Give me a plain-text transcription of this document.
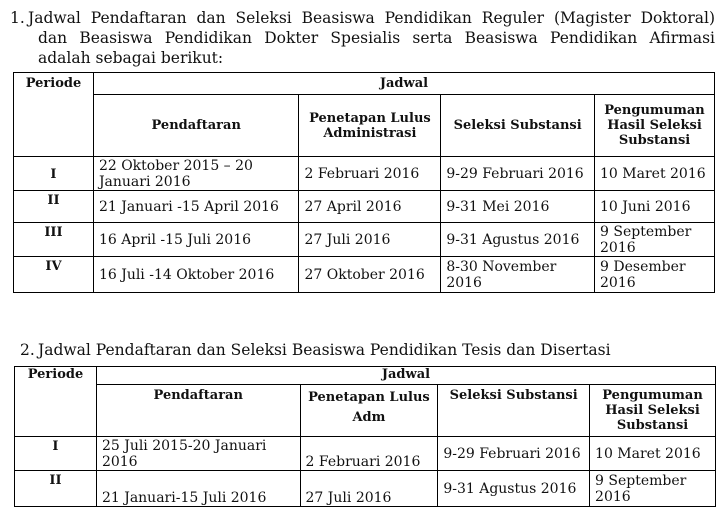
1. Jadwal Pendaftaran dan Seleksi Beasiswa Pendidikan Reguler (Magister Doktoral)
dan Beasiswa Pendidikan Dokter Spesialis serta Beasiswa Pendidikan Afirmasi
adalah sebagai berikut:
Periode	Jadwal			
	Pendaftaran	Penetapan Lulus Administrasi	Seleksi Substansi	Pengumuman Hasil Seleksi Substansi
I	22 Oktober 2015 – 20 Januari 2016	2 Februari 2016	9-29 Februari 2016	10 Maret 2016
II	21 Januari -15 April 2016	27 April 2016	9-31 Mei 2016	10 Juni 2016
III	16 April -15 Juli 2016	27 Juli 2016	9-31 Agustus 2016	9 September 2016
IV	16 Juli -14 Oktober 2016	27 Oktober 2016	8-30 November 2016	9 Desember 2016
2. Jadwal Pendaftaran dan Seleksi Beasiswa Pendidikan Tesis dan Disertasi
Periode	Jadwal			
	Pendaftaran	Penetapan Lulus Adm	Seleksi Substansi	Pengumuman Hasil Seleksi Substansi
I	25 Juli 2015-20 Januari 2016	2 Februari 2016	9-29 Februari 2016	10 Maret 2016
II	21 Januari-15 Juli 2016	27 Juli 2016	9-31 Agustus 2016	9 September 2016
